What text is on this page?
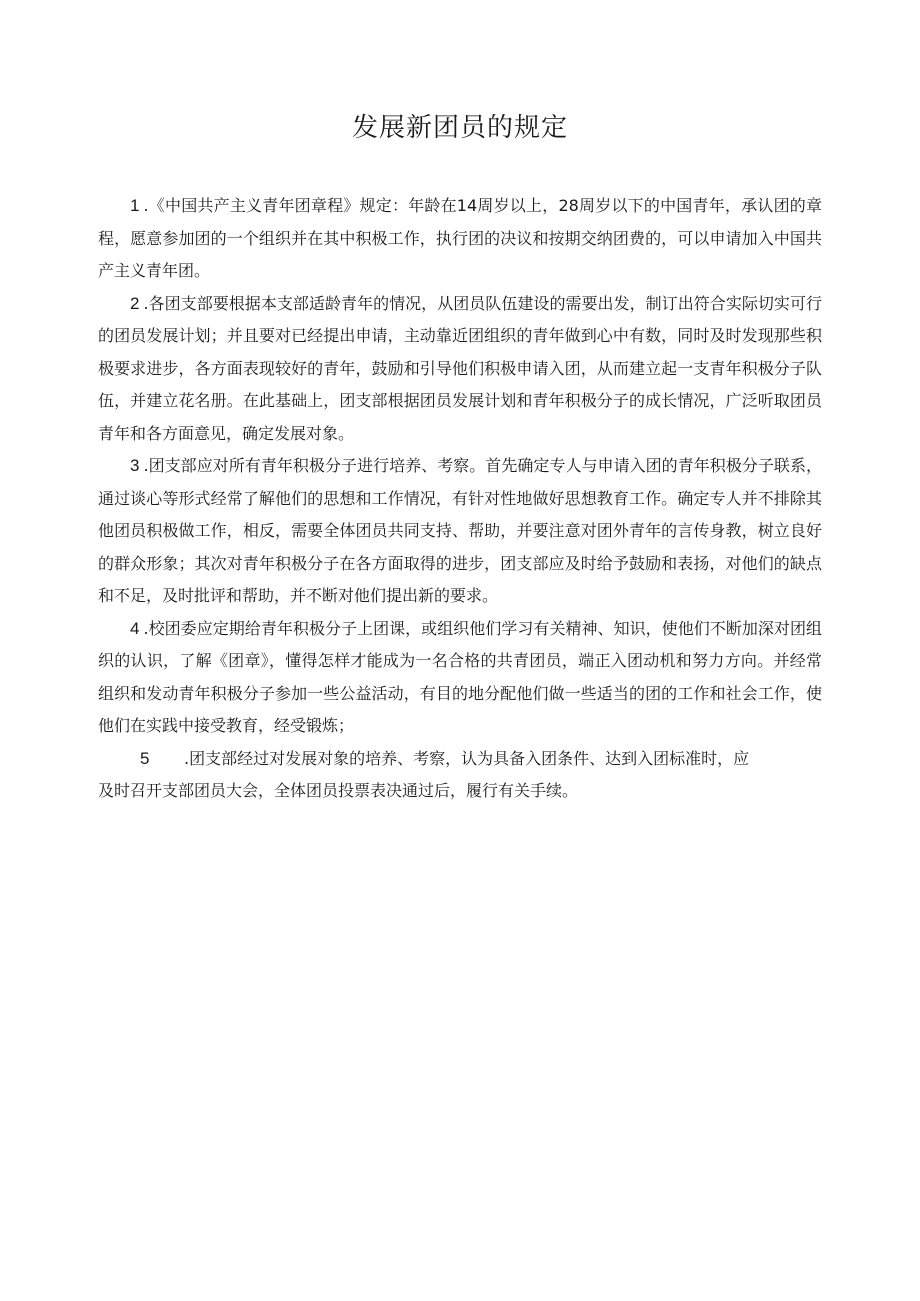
发展新团员的规定

1 .《中国共产主义青年团章程》规定：年龄在14周岁以上，28周岁以下的中国青年，承认团的章程，愿意参加团的一个组织并在其中积极工作，执行团的决议和按期交纳团费的，可以申请加入中国共产主义青年团。

2 .各团支部要根据本支部适龄青年的情况，从团员队伍建设的需要出发，制订出符合实际切实可行的团员发展计划；并且要对已经提出申请，主动靠近团组织的青年做到心中有数，同时及时发现那些积极要求进步，各方面表现较好的青年，鼓励和引导他们积极申请入团，从而建立起一支青年积极分子队伍，并建立花名册。在此基础上，团支部根据团员发展计划和青年积极分子的成长情况，广泛听取团员青年和各方面意见，确定发展对象。

3 .团支部应对所有青年积极分子进行培养、考察。首先确定专人与申请入团的青年积极分子联系，通过谈心等形式经常了解他们的思想和工作情况，有针对性地做好思想教育工作。确定专人并不排除其他团员积极做工作，相反，需要全体团员共同支持、帮助，并要注意对团外青年的言传身教，树立良好的群众形象；其次对青年积极分子在各方面取得的进步，团支部应及时给予鼓励和表扬，对他们的缺点和不足，及时批评和帮助，并不断对他们提出新的要求。

4 .校团委应定期给青年积极分子上团课，或组织他们学习有关精神、知识，使他们不断加深对团组织的认识，了解《团章》，懂得怎样才能成为一名合格的共青团员，端正入团动机和努力方向。并经常组织和发动青年积极分子参加一些公益活动，有目的地分配他们做一些适当的团的工作和社会工作，使他们在实践中接受教育，经受锻炼；

5 .团支部经过对发展对象的培养、考察，认为具备入团条件、达到入团标准时，应
及时召开支部团员大会，全体团员投票表决通过后，履行有关手续。
